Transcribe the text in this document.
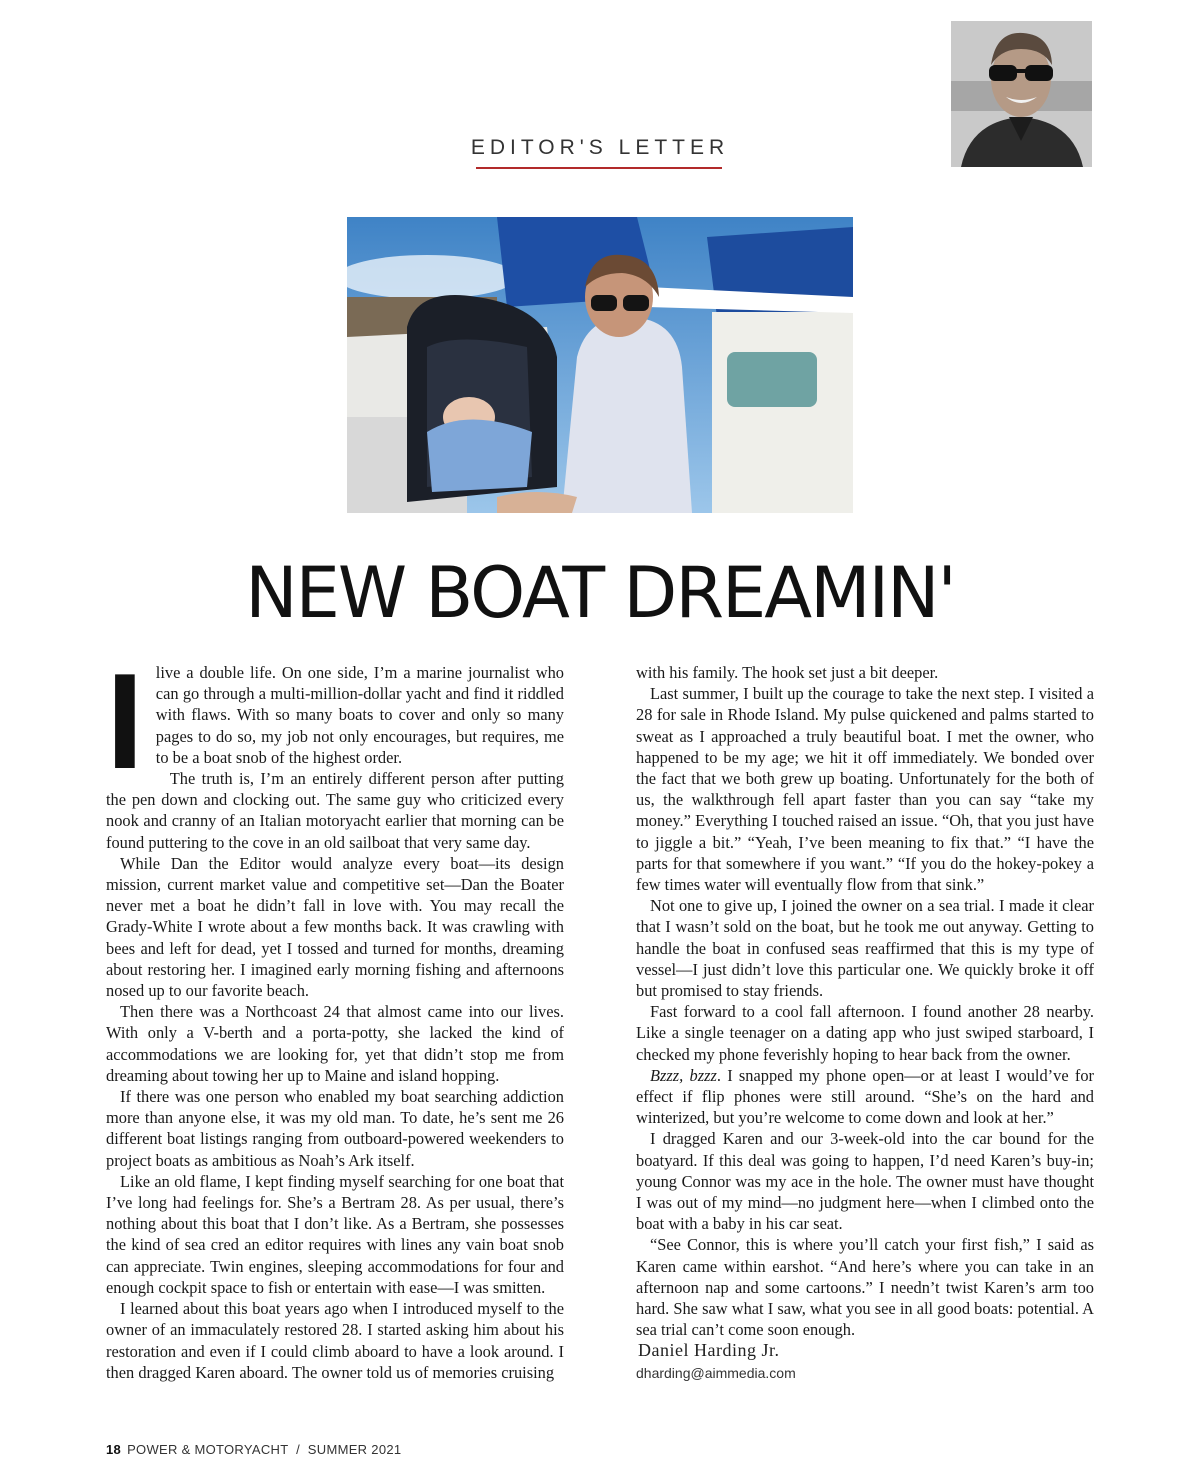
EDITOR'S LETTER
NEW BOAT DREAMIN'

I live a double life. On one side, I’m a marine journalist who can go through a multi-million-dollar yacht and find it riddled with flaws. With so many boats to cover and only so many pages to do so, my job not only encourages, but requires, me to be a boat snob of the highest order.

The truth is, I’m an entirely different person after putting the pen down and clocking out. The same guy who criticized every nook and cranny of an Italian motoryacht earlier that morning can be found puttering to the cove in an old sailboat that very same day.

While Dan the Editor would analyze every boat—its design mission, current market value and competitive set—Dan the Boater never met a boat he didn’t fall in love with. You may recall the Grady-White I wrote about a few months back. It was crawling with bees and left for dead, yet I tossed and turned for months, dreaming about restoring her. I imagined early morning fishing and afternoons nosed up to our favorite beach.

Then there was a Northcoast 24 that almost came into our lives. With only a V-berth and a porta-potty, she lacked the kind of accommodations we are looking for, yet that didn’t stop me from dreaming about towing her up to Maine and island hopping.

If there was one person who enabled my boat searching addiction more than anyone else, it was my old man. To date, he’s sent me 26 different boat listings ranging from outboard-powered weekenders to project boats as ambitious as Noah’s Ark itself.

Like an old flame, I kept finding myself searching for one boat that I’ve long had feelings for. She’s a Bertram 28. As per usual, there’s nothing about this boat that I don’t like. As a Bertram, she possesses the kind of sea cred an editor requires with lines any vain boat snob can appreciate. Twin engines, sleeping accommodations for four and enough cockpit space to fish or entertain with ease—I was smitten.

I learned about this boat years ago when I introduced myself to the owner of an immaculately restored 28. I started asking him about his restoration and even if I could climb aboard to have a look around. I then dragged Karen aboard. The owner told us of memories cruising

with his family. The hook set just a bit deeper.

Last summer, I built up the courage to take the next step. I visited a 28 for sale in Rhode Island. My pulse quickened and palms started to sweat as I approached a truly beautiful boat. I met the owner, who happened to be my age; we hit it off immediately. We bonded over the fact that we both grew up boating. Unfortunately for the both of us, the walkthrough fell apart faster than you can say “take my money.” Everything I touched raised an issue. “Oh, that you just have to jiggle a bit.” “Yeah, I’ve been meaning to fix that.” “I have the parts for that somewhere if you want.” “If you do the hokey-pokey a few times water will eventually flow from that sink.”

Not one to give up, I joined the owner on a sea trial. I made it clear that I wasn’t sold on the boat, but he took me out anyway. Getting to handle the boat in confused seas reaffirmed that this is my type of vessel—I just didn’t love this particular one. We quickly broke it off but promised to stay friends.

Fast forward to a cool fall afternoon. I found another 28 nearby. Like a single teenager on a dating app who just swiped starboard, I checked my phone feverishly hoping to hear back from the owner.

Bzzz, bzzz. I snapped my phone open—or at least I would’ve for effect if flip phones were still around. “She’s on the hard and winterized, but you’re welcome to come down and look at her.”

I dragged Karen and our 3-week-old into the car bound for the boatyard. If this deal was going to happen, I’d need Karen’s buy-in; young Connor was my ace in the hole. The owner must have thought I was out of my mind—no judgment here—when I climbed onto the boat with a baby in his car seat.

“See Connor, this is where you’ll catch your first fish,” I said as Karen came within earshot. “And here’s where you can take in an afternoon nap and some cartoons.” I needn’t twist Karen’s arm too hard. She saw what I saw, what you see in all good boats: potential. A sea trial can’t come soon enough.

Daniel Harding Jr.
dharding@aimmedia.com
18 POWER & MOTORYACHT  /  SUMMER 2021
